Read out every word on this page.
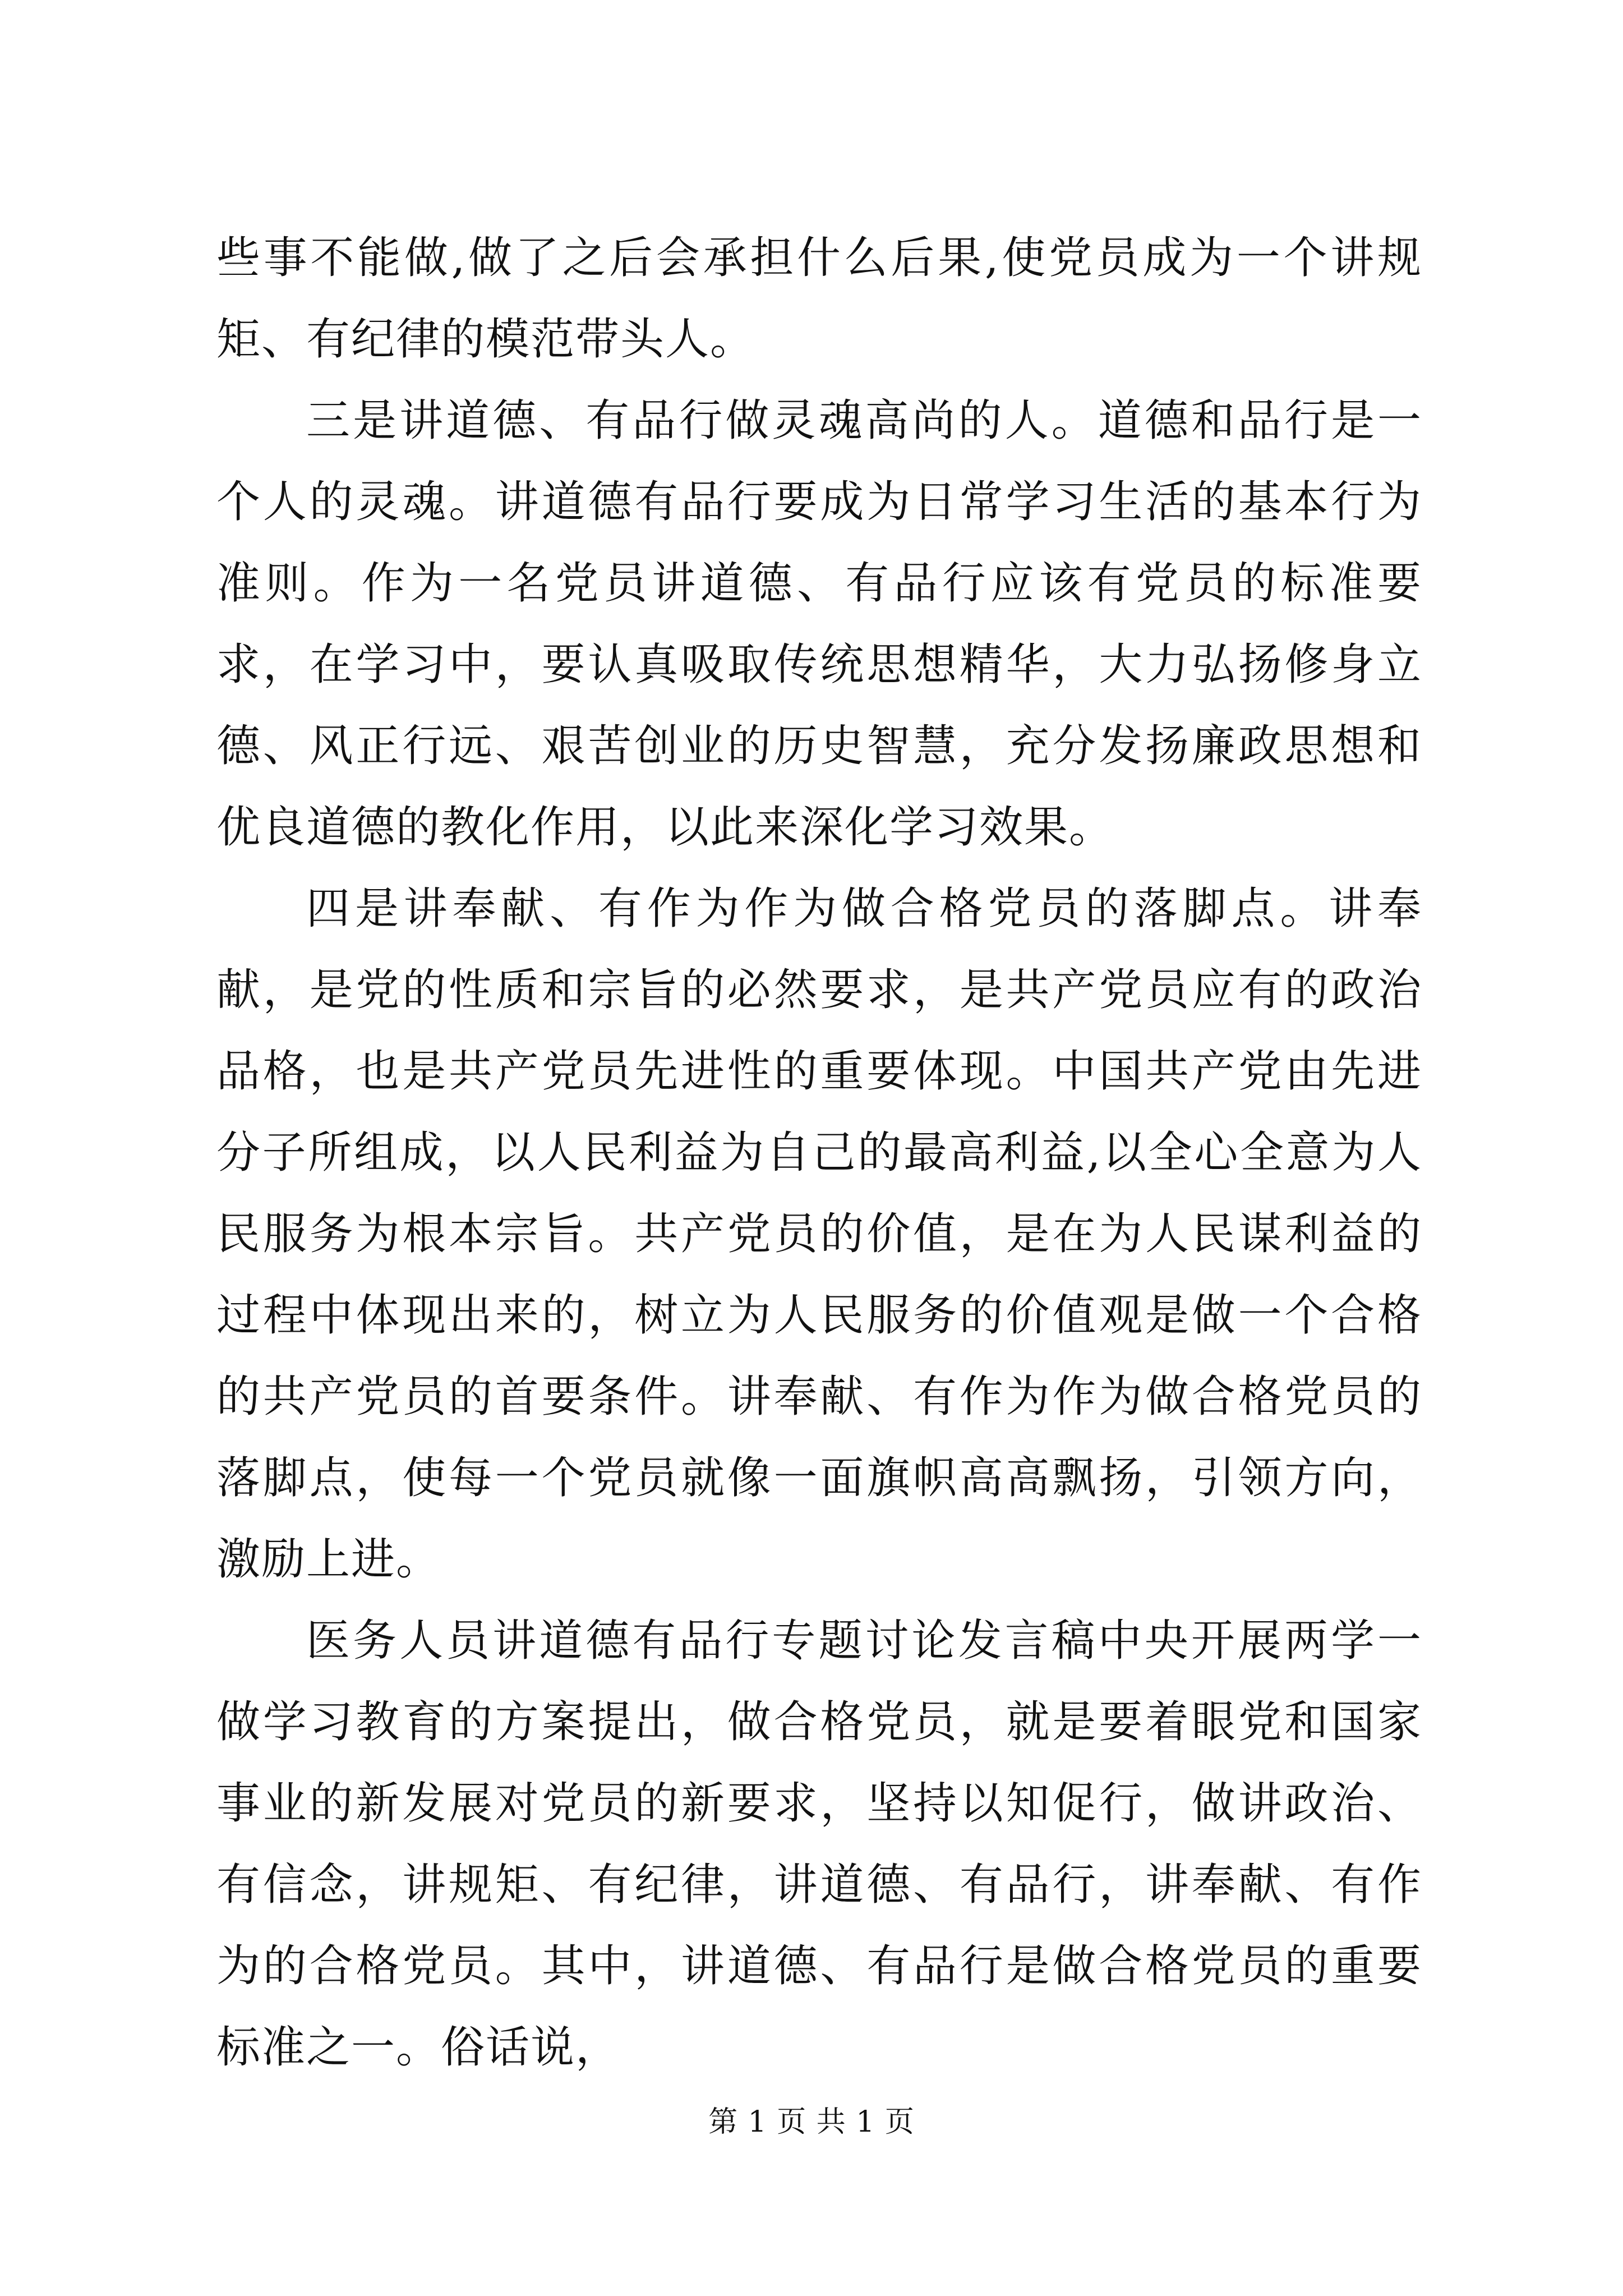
些事不能做,做了之后会承担什么后果,使党员成为一个讲规矩、有纪律的模范带头人。

三是讲道德、有品行做灵魂高尚的人。道德和品行是一个人的灵魂。讲道德有品行要成为日常学习生活的基本行为准则。作为一名党员讲道德、有品行应该有党员的标准要求，在学习中，要认真吸取传统思想精华，大力弘扬修身立德、风正行远、艰苦创业的历史智慧，充分发扬廉政思想和优良道德的教化作用，以此来深化学习效果。

四是讲奉献、有作为作为做合格党员的落脚点。讲奉献，是党的性质和宗旨的必然要求，是共产党员应有的政治品格，也是共产党员先进性的重要体现。中国共产党由先进分子所组成，以人民利益为自己的最高利益,以全心全意为人民服务为根本宗旨。共产党员的价值，是在为人民谋利益的过程中体现出来的，树立为人民服务的价值观是做一个合格的共产党员的首要条件。讲奉献、有作为作为做合格党员的落脚点，使每一个党员就像一面旗帜高高飘扬，引领方向，激励上进。

医务人员讲道德有品行专题讨论发言稿中央开展两学一做学习教育的方案提出，做合格党员，就是要着眼党和国家事业的新发展对党员的新要求，坚持以知促行，做讲政治、有信念，讲规矩、有纪律，讲道德、有品行，讲奉献、有作为的合格党员。其中，讲道德、有品行是做合格党员的重要标准之一。俗话说，

第 1 页 共 1 页
